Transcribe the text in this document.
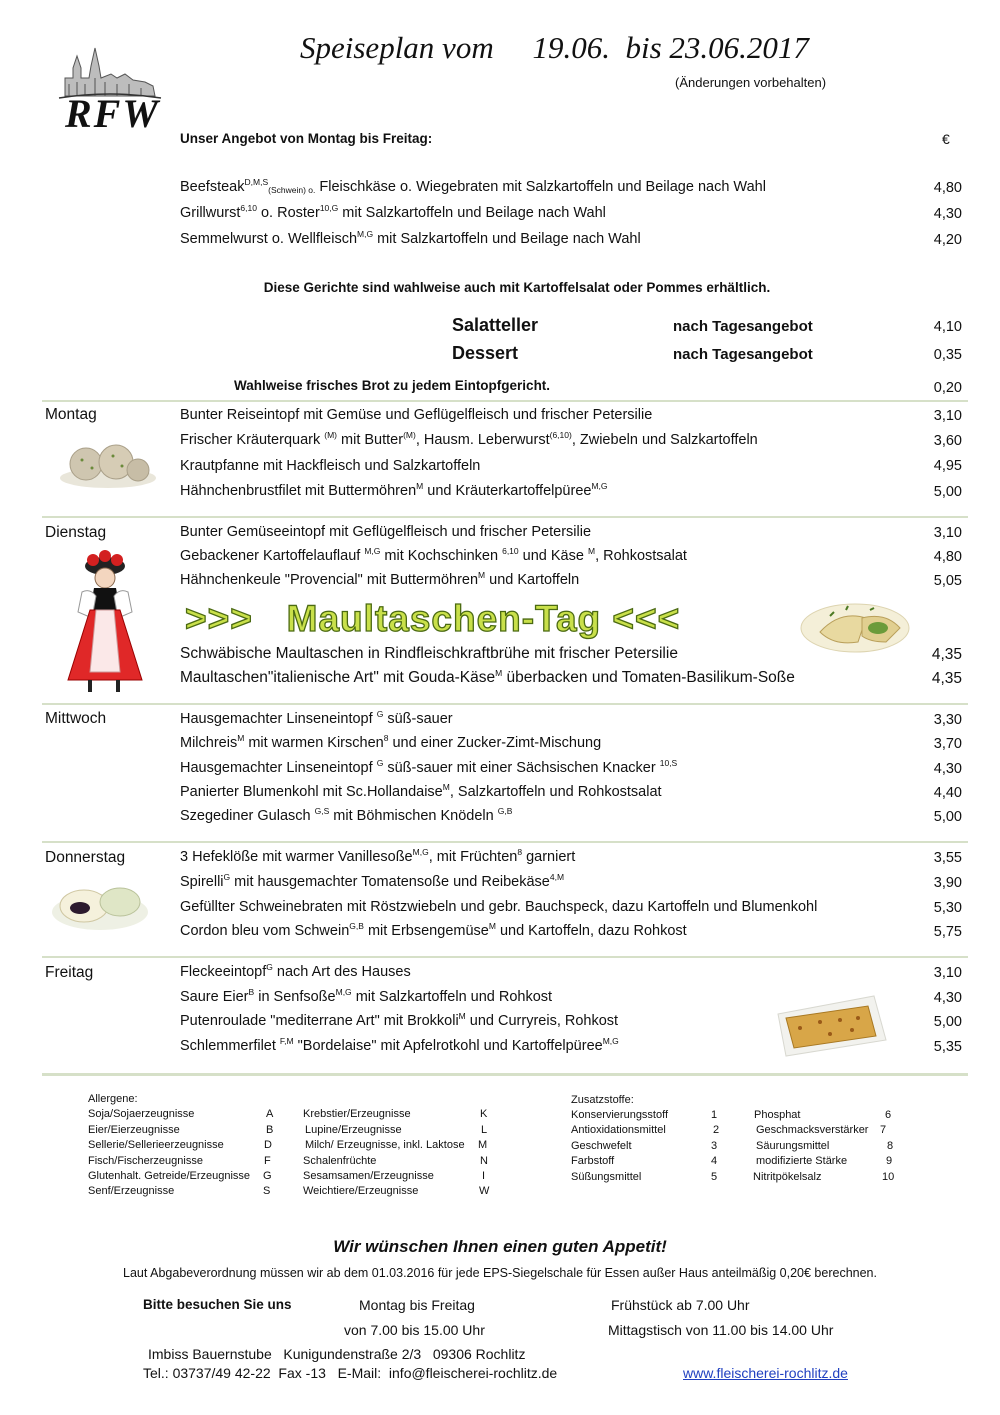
RFW
Speiseplan vom     19.06.  bis 23.06.2017
(Änderungen vorbehalten)
Unser Angebot von Montag bis Freitag:	€
Beefsteak$^{D,M,S}_{(Schwein) o.}$ Fleischkäse o. Wiegebraten mit Salzkartoffeln und Beilage nach Wahl	4,80
Grillwurst$^{6,10}$ o. Roster$^{10,G}$ mit Salzkartoffeln und Beilage nach Wahl	4,30
Semmelwurst o. Wellfleisch$^{M,G}$ mit Salzkartoffeln und Beilage nach Wahl	4,20
Diese Gerichte sind wahlweise auch mit Kartoffelsalat oder Pommes erhältlich.
Salatteller	nach Tagesangebot	4,10
Dessert	nach Tagesangebot	0,35
Wahlweise frisches Brot zu jedem Eintopfgericht.	0,20
Montag	Bunter Reiseintopf mit Gemüse und Geflügelfleisch und frischer Petersilie	3,10
Frischer Kräuterquark $^{(M)}$ mit Butter$^{(M)}$, Hausm. Leberwurst$^{(6,10)}$, Zwiebeln und Salzkartoffeln	3,60
Krautpfanne mit Hackfleisch und Salzkartoffeln	4,95
Hähnchenbrustfilet mit Buttermöhren$^M$ und Kräuterkartoffelpüree$^{M,G}$	5,00
Dienstag	Bunter Gemüseeintopf mit Geflügelfleisch und frischer Petersilie	3,10
Gebackener Kartoffelauflauf $^{M,G}$ mit Kochschinken $^{6,10}$ und Käse $^M$, Rohkostsalat	4,80
Hähnchenkeule "Provencial" mit Buttermöhren$^M$ und Kartoffeln	5,05
>>>   Maultaschen-Tag <<<
Schwäbische Maultaschen in Rindfleischkraftbrühe mit frischer Petersilie	4,35
Maultaschen"italienische Art" mit Gouda-Käse$^M$ überbacken und Tomaten-Basilikum-Soße	4,35
Mittwoch	Hausgemachter Linseneintopf $^G$ süß-sauer	3,30
Milchreis$^M$ mit warmen Kirschen$^8$ und einer Zucker-Zimt-Mischung	3,70
Hausgemachter Linseneintopf $^G$ süß-sauer mit einer Sächsischen Knacker $^{10,S}$	4,30
Panierter Blumenkohl mit Sc.Hollandaise$^M$, Salzkartoffeln und Rohkostsalat	4,40
Szegediner Gulasch $^{G,S}$ mit Böhmischen Knödeln $^{G,B}$	5,00
Donnerstag	3 Hefeklöße mit warmer Vanillesoße$^{M,G}$, mit Früchten$^8$ garniert	3,55
Spirelli$^G$ mit hausgemachter Tomatensoße und Reibekäse$^{4,M}$	3,90
Gefüllter Schweinebraten mit Röstzwiebeln und gebr. Bauchspeck, dazu Kartoffeln und Blumenkohl	5,30
Cordon bleu vom Schwein$^{G,B}$ mit Erbsengemüse$^M$ und Kartoffeln, dazu Rohkost	5,75
Freitag	Fleckeeintopf$^G$ nach Art des Hauses	3,10
Saure Eier$^B$ in Senfsoße$^{M,G}$ mit Salzkartoffeln und Rohkost	4,30
Putenroulade "mediterrane Art" mit Brokkoli$^M$ und Curryreis, Rohkost	5,00
Schlemmerfilet $^{F,M}$ "Bordelaise" mit Apfelrotkohl und Kartoffelpüree$^{M,G}$	5,35
Allergene:
Soja/Sojaerzeugnisse	A
Eier/Eierzeugnisse	B
Sellerie/Sellerieerzeugnisse	D
Fisch/Fischerzeugnisse	F
Glutenhalt. Getreide/Erzeugnisse G
Senf/Erzeugnisse	S
Krebstier/Erzeugnisse	K
Lupine/Erzeugnisse	L
Milch/ Erzeugnisse, inkl. Laktose M
Schalenfrüchte	N
Sesamsamen/Erzeugnisse	I
Weichtiere/Erzeugnisse	W
Zusatzstoffe:
Konservierungsstoff	1
Antioxidationsmittel	2
Geschwefelt	3
Farbstoff	4
Süßungsmittel	5
Phosphat	6
Geschmacksverstärker 7
Säurungsmittel	8
modifizierte Stärke	9
Nitritpökelsalz	10
Wir wünschen Ihnen einen guten Appetit!
Laut Abgabeverordnung müssen wir ab dem 01.03.2016 für jede EPS-Siegelschale für Essen außer Haus anteilmäßig 0,20€ berechnen.
Bitte besuchen Sie uns	Montag bis Freitag
von 7.00 bis 15.00 Uhr
Frühstück ab 7.00 Uhr
Mittagstisch von 11.00 bis 14.00 Uhr
Imbiss Bauernstube   Kunigundenstraße 2/3   09306 Rochlitz
Tel.: 03737/49 42-22  Fax -13   E-Mail:  info@fleischerei-rochlitz.de	www.fleischerei-rochlitz.de
